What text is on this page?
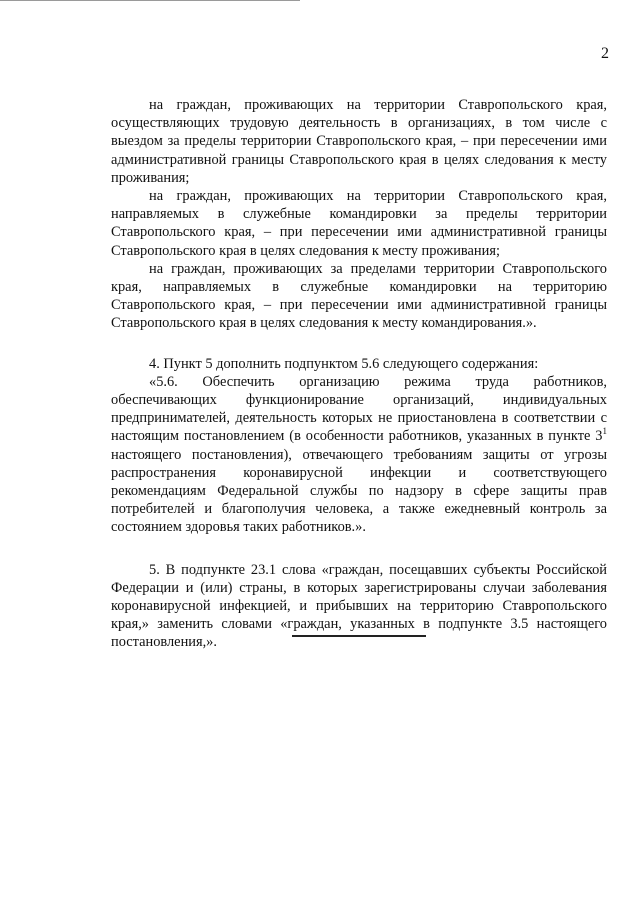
2

на граждан, проживающих на территории Ставропольского края, осуществляющих трудовую деятельность в организациях, в том числе с выездом за пределы территории Ставропольского края, – при пересечении ими административной границы Ставропольского края в целях следования к месту проживания;

на граждан, проживающих на территории Ставропольского края, направляемых в служебные командировки за пределы территории Ставропольского края, – при пересечении ими административной границы Ставропольского края в целях следования к месту проживания;

на граждан, проживающих за пределами территории Ставропольского края, направляемых в служебные командировки на территорию Ставропольского края, – при пересечении ими административной границы Ставропольского края в целях следования к месту командирования.».

4. Пункт 5 дополнить подпунктом 5.6 следующего содержания:

«5.6. Обеспечить организацию режима труда работников, обеспечивающих функционирование организаций, индивидуальных предпринимателей, деятельность которых не приостановлена в соответствии с настоящим постановлением (в особенности работников, указанных в пункте $3^1$ настоящего постановления), отвечающего требованиям защиты от угрозы распространения коронавирусной инфекции и соответствующего рекомендациям Федеральной службы по надзору в сфере защиты прав потребителей и благополучия человека, а также ежедневный контроль за состоянием здоровья таких работников.».

5. В подпункте 23.1 слова «граждан, посещавших субъекты Российской Федерации и (или) страны, в которых зарегистрированы случаи заболевания коронавирусной инфекцией, и прибывших на территорию Ставропольского края,» заменить словами «граждан, указанных в подпункте 3.5 настоящего постановления,».
